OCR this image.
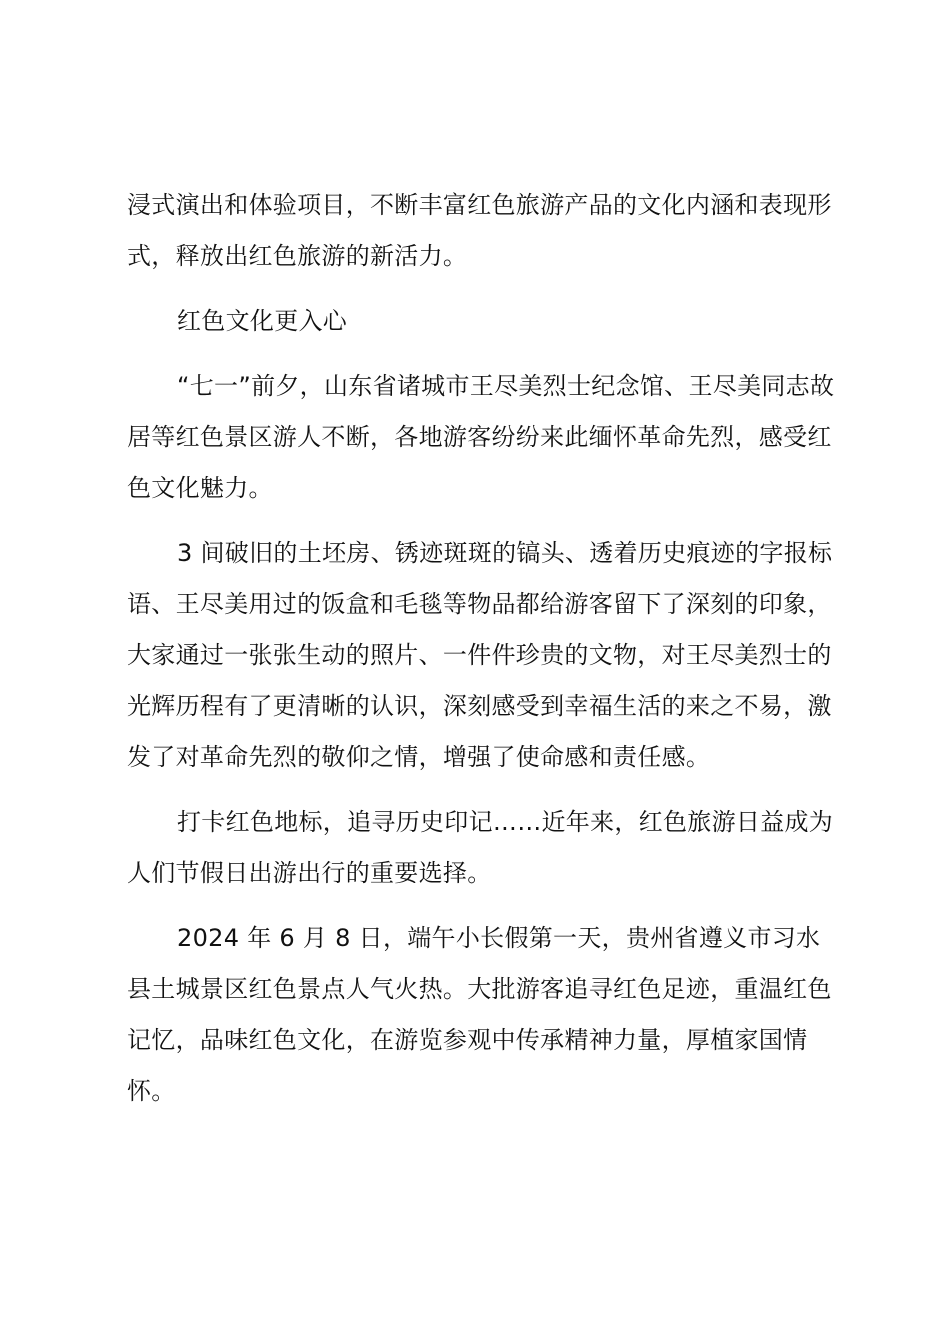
浸式演出和体验项目，不断丰富红色旅游产品的文化内涵和表现形式，释放出红色旅游的新活力。

红色文化更入心

“七一”前夕，山东省诸城市王尽美烈士纪念馆、王尽美同志故居等红色景区游人不断，各地游客纷纷来此缅怀革命先烈，感受红色文化魅力。

3 间破旧的土坯房、锈迹斑斑的镐头、透着历史痕迹的字报标语、王尽美用过的饭盒和毛毯等物品都给游客留下了深刻的印象，大家通过一张张生动的照片、一件件珍贵的文物，对王尽美烈士的光辉历程有了更清晰的认识，深刻感受到幸福生活的来之不易，激发了对革命先烈的敬仰之情，增强了使命感和责任感。

打卡红色地标，追寻历史印记……近年来，红色旅游日益成为人们节假日出游出行的重要选择。

2024 年 6 月 8 日，端午小长假第一天，贵州省遵义市习水县土城景区红色景点人气火热。大批游客追寻红色足迹，重温红色记忆，品味红色文化，在游览参观中传承精神力量，厚植家国情怀。
